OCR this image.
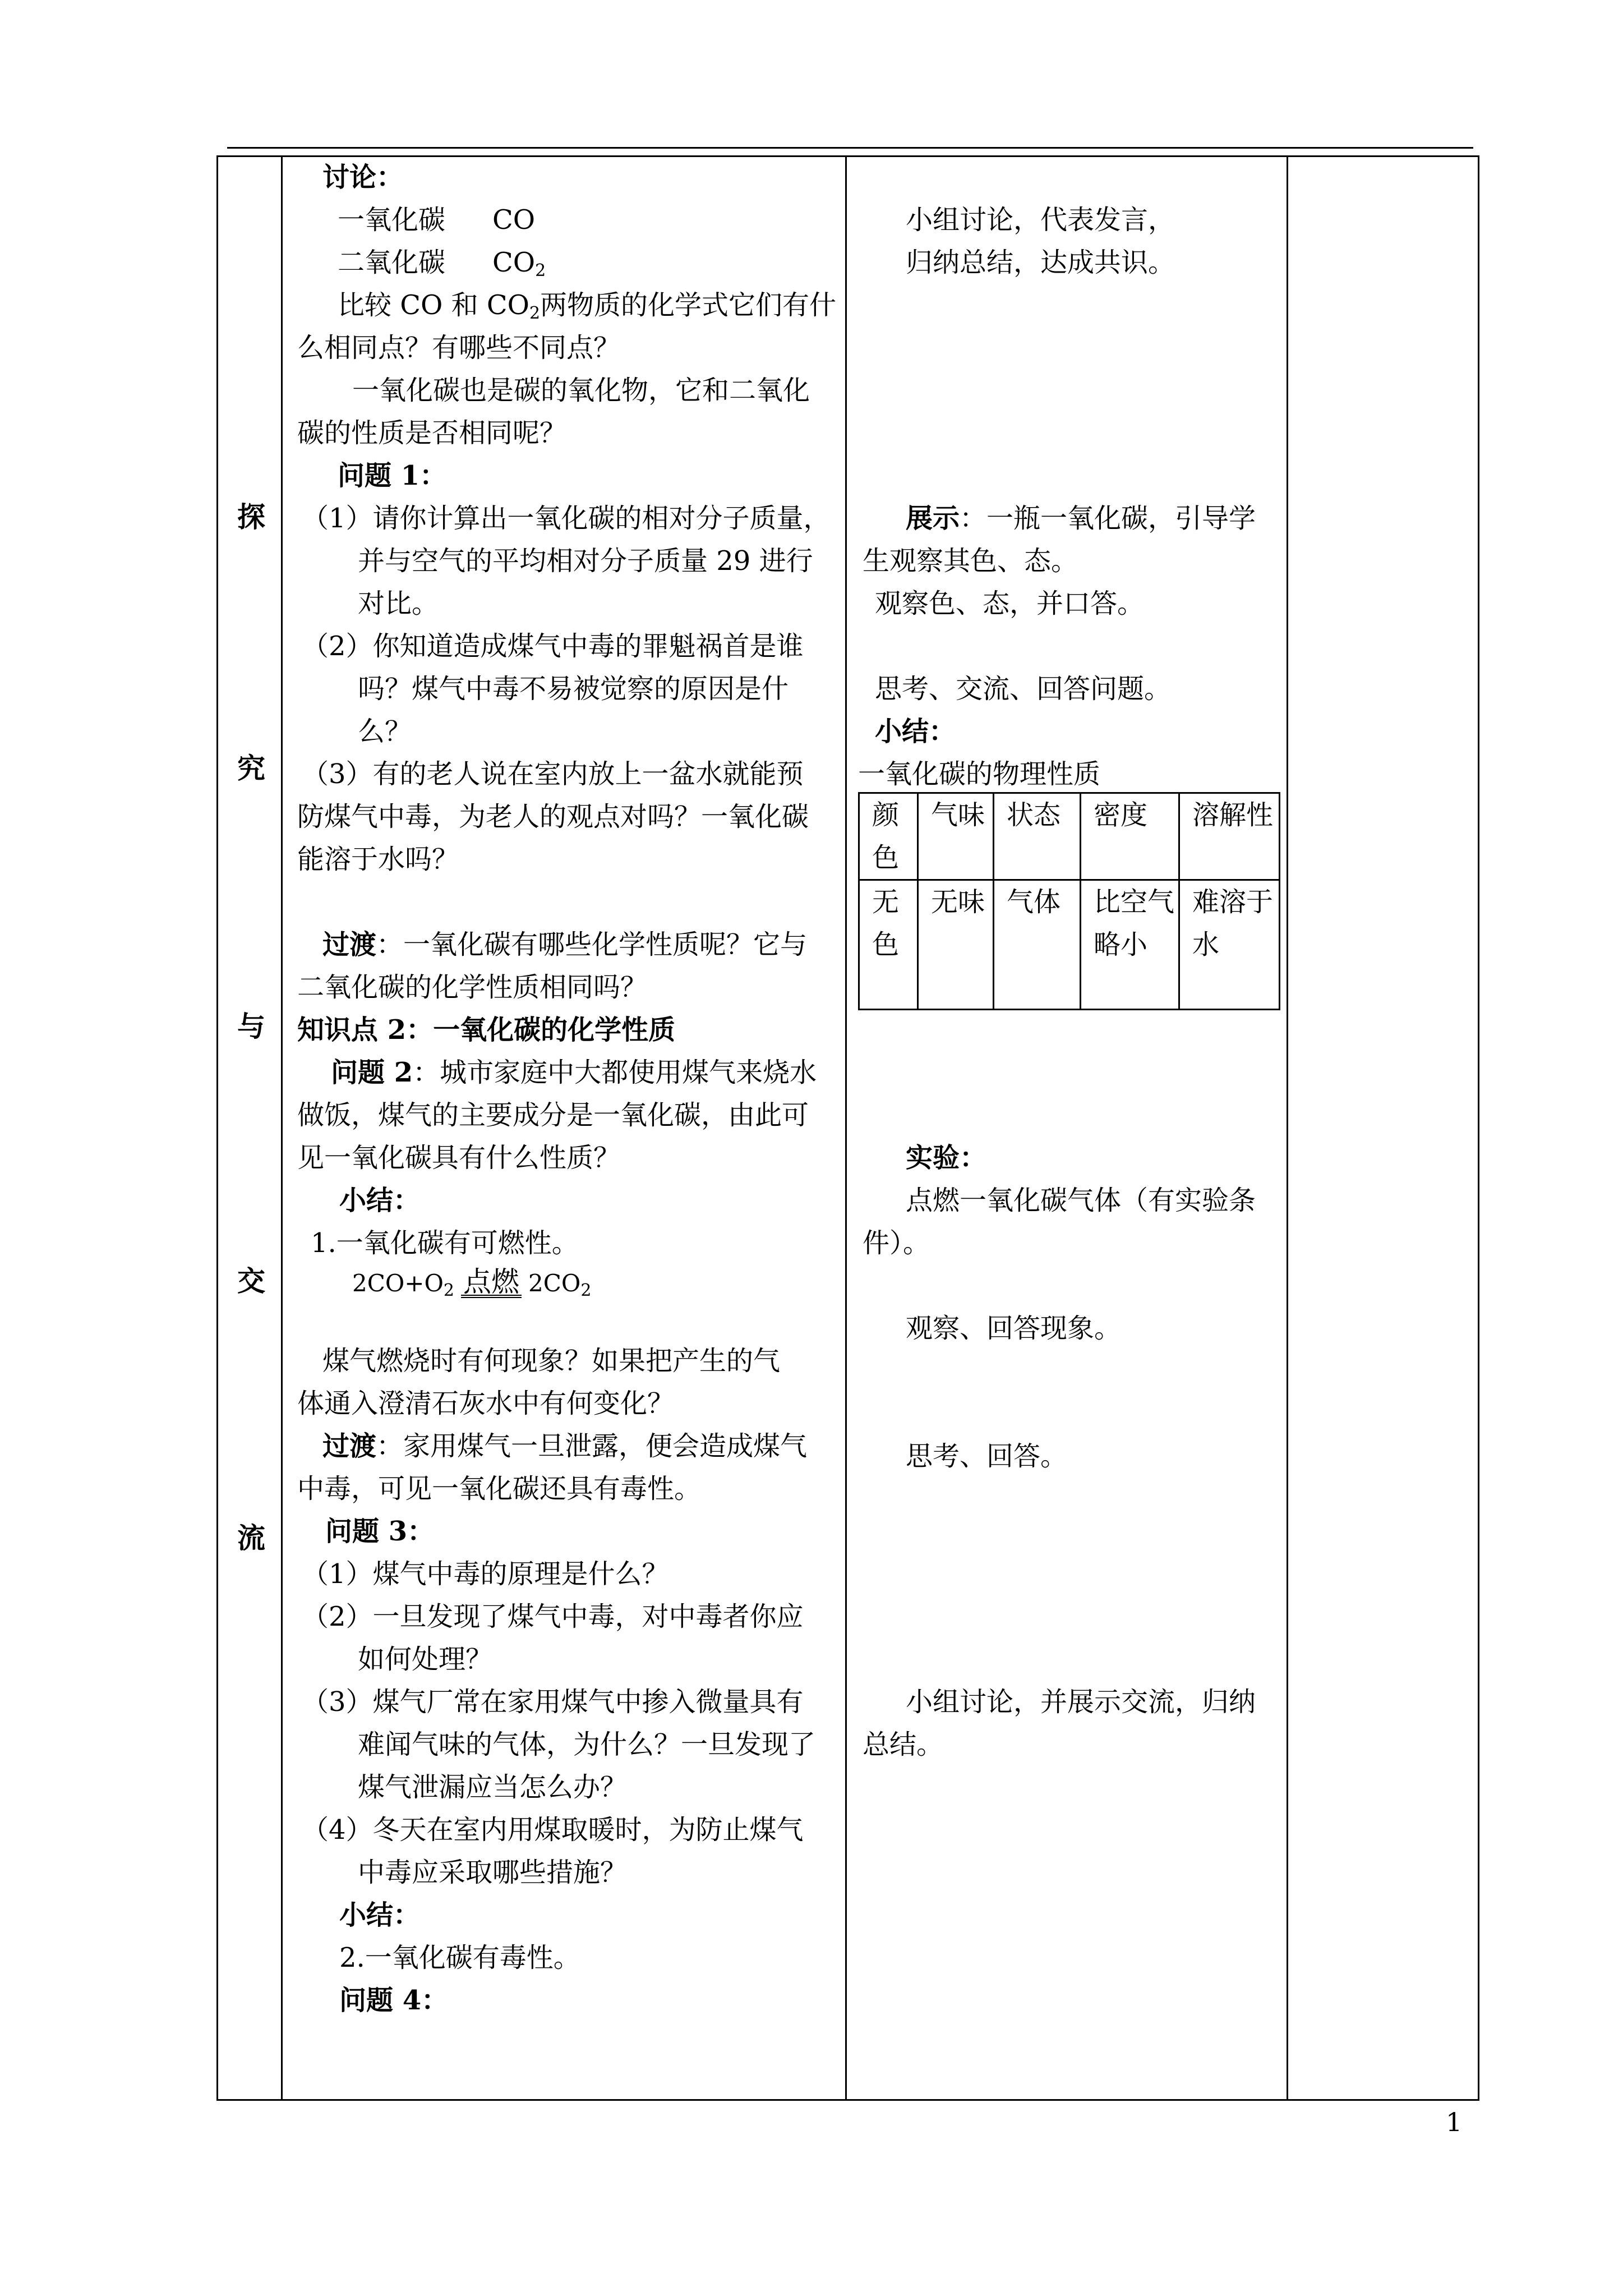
探
究
与
交
流
讨论：
一氧化碳 CO
二氧化碳 $CO_2$
比较 CO 和 $CO_2$两物质的化学式它们有什
么相同点？有哪些不同点？
一氧化碳也是碳的氧化物，它和二氧化
碳的性质是否相同呢？
问题 1：
（1）请你计算出一氧化碳的相对分子质量，
并与空气的平均相对分子质量 29 进行
对比。
（2）你知道造成煤气中毒的罪魁祸首是谁
吗？煤气中毒不易被觉察的原因是什
么？
（3）有的老人说在室内放上一盆水就能预
防煤气中毒，为老人的观点对吗？一氧化碳
能溶于水吗？
过渡：一氧化碳有哪些化学性质呢？它与
二氧化碳的化学性质相同吗？
知识点 2：一氧化碳的化学性质
问题 2：城市家庭中大都使用煤气来烧水
做饭，煤气的主要成分是一氧化碳，由此可
见一氧化碳具有什么性质？
小结：
1.一氧化碳有可燃性。
$2CO+O_2$ 点燃 $2CO_2$
煤气燃烧时有何现象？如果把产生的气
体通入澄清石灰水中有何变化？
过渡：家用煤气一旦泄露，便会造成煤气
中毒，可见一氧化碳还具有毒性。
问题 3：
（1）煤气中毒的原理是什么？
（2）一旦发现了煤气中毒，对中毒者你应
如何处理？
（3）煤气厂常在家用煤气中掺入微量具有
难闻气味的气体，为什么？一旦发现了
煤气泄漏应当怎么办？
（4）冬天在室内用煤取暖时，为防止煤气
中毒应采取哪些措施？
小结：
2.一氧化碳有毒性。
问题 4：
小组讨论，代表发言，
归纳总结，达成共识。
展示：一瓶一氧化碳，引导学
生观察其色、态。
观察色、态，并口答。
思考、交流、回答问题。
小结：
一氧化碳的物理性质
颜色	气味	状态	密度	溶解性
无色	无味	气体	比空气略小	难溶于水
实验：
点燃一氧化碳气体（有实验条
件）。
观察、回答现象。
思考、回答。
小组讨论，并展示交流，归纳
总结。
1
